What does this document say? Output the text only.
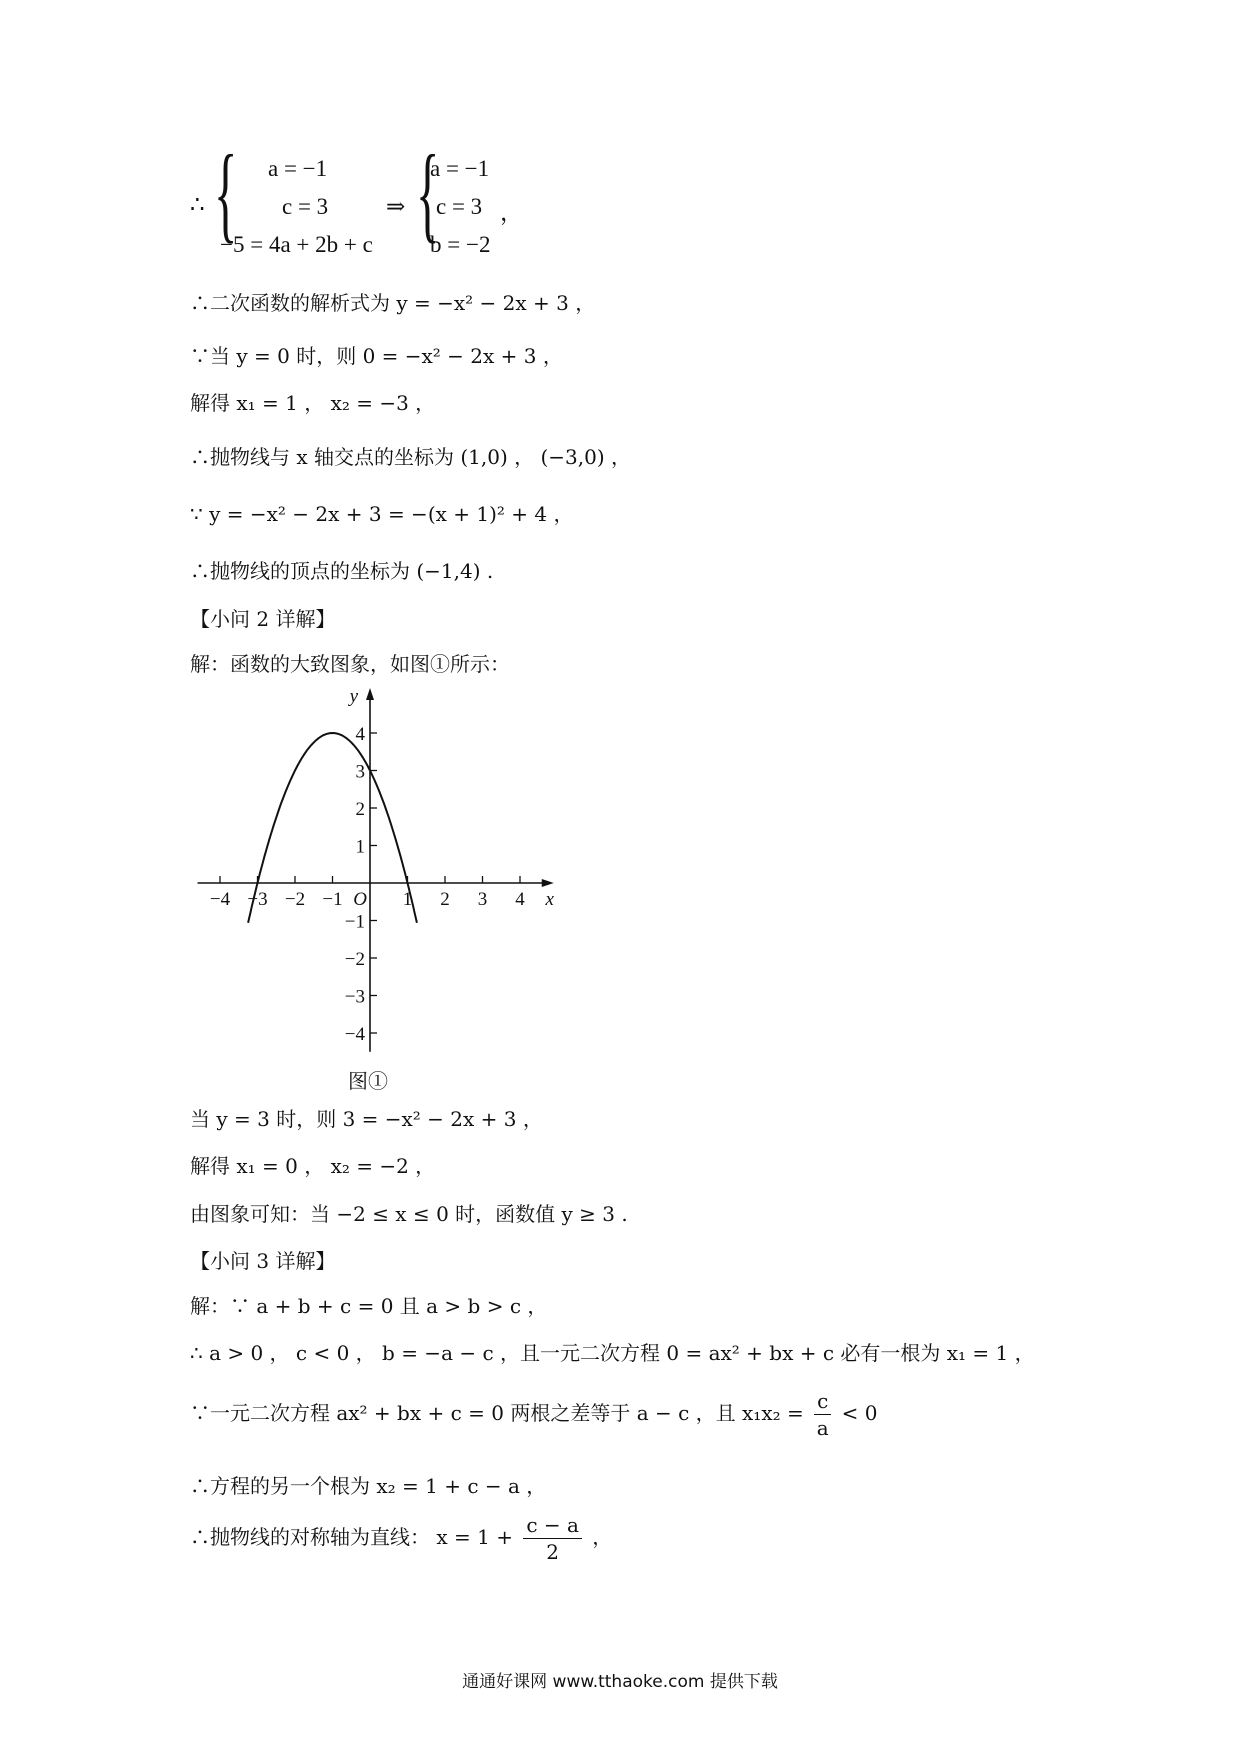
∴ { a = −1
c = 3
−5 = 4a + 2b + c
⇒ {
a = −1
c = 3
b = −2
，
∴二次函数的解析式为 y = −x² − 2x + 3 ，
∵当 y = 0 时，则 0 = −x² − 2x + 3 ，
解得 x₁ = 1 ， x₂ = −3 ，
∴抛物线与 x 轴交点的坐标为 (1,0) ， (−3,0) ，
∵ y = −x² − 2x + 3 = −(x + 1)² + 4 ，
∴抛物线的顶点的坐标为 (−1,4) .
【小问 2 详解】
解：函数的大致图象，如图①所示：
−4 −3 −2 −1	1 2 3 4
4
3
2
1
−1
−2
−3
−4
O	x
y
图①
当 y = 3 时，则 3 = −x² − 2x + 3 ，
解得 x₁ = 0 ， x₂ = −2 ，
由图象可知：当 −2 ≤ x ≤ 0 时，函数值 y ≥ 3 .
【小问 3 详解】
解：∵ a + b + c = 0 且 a > b > c ，
∴ a > 0 ， c < 0 ， b = −a − c ，且一元二次方程 0 = ax² + bx + c 必有一根为 x₁ = 1 ，
∵一元二次方程 ax² + bx + c = 0 两根之差等于 a − c ，且 $x_1x_2 = \frac{c}{a} < 0$
∴方程的另一个根为 x₂ = 1 + c − a ，
∴抛物线的对称轴为直线： $x = 1 + \frac{c - a}{2}$ ，
通通好课网 www.tthaoke.com 提供下载
